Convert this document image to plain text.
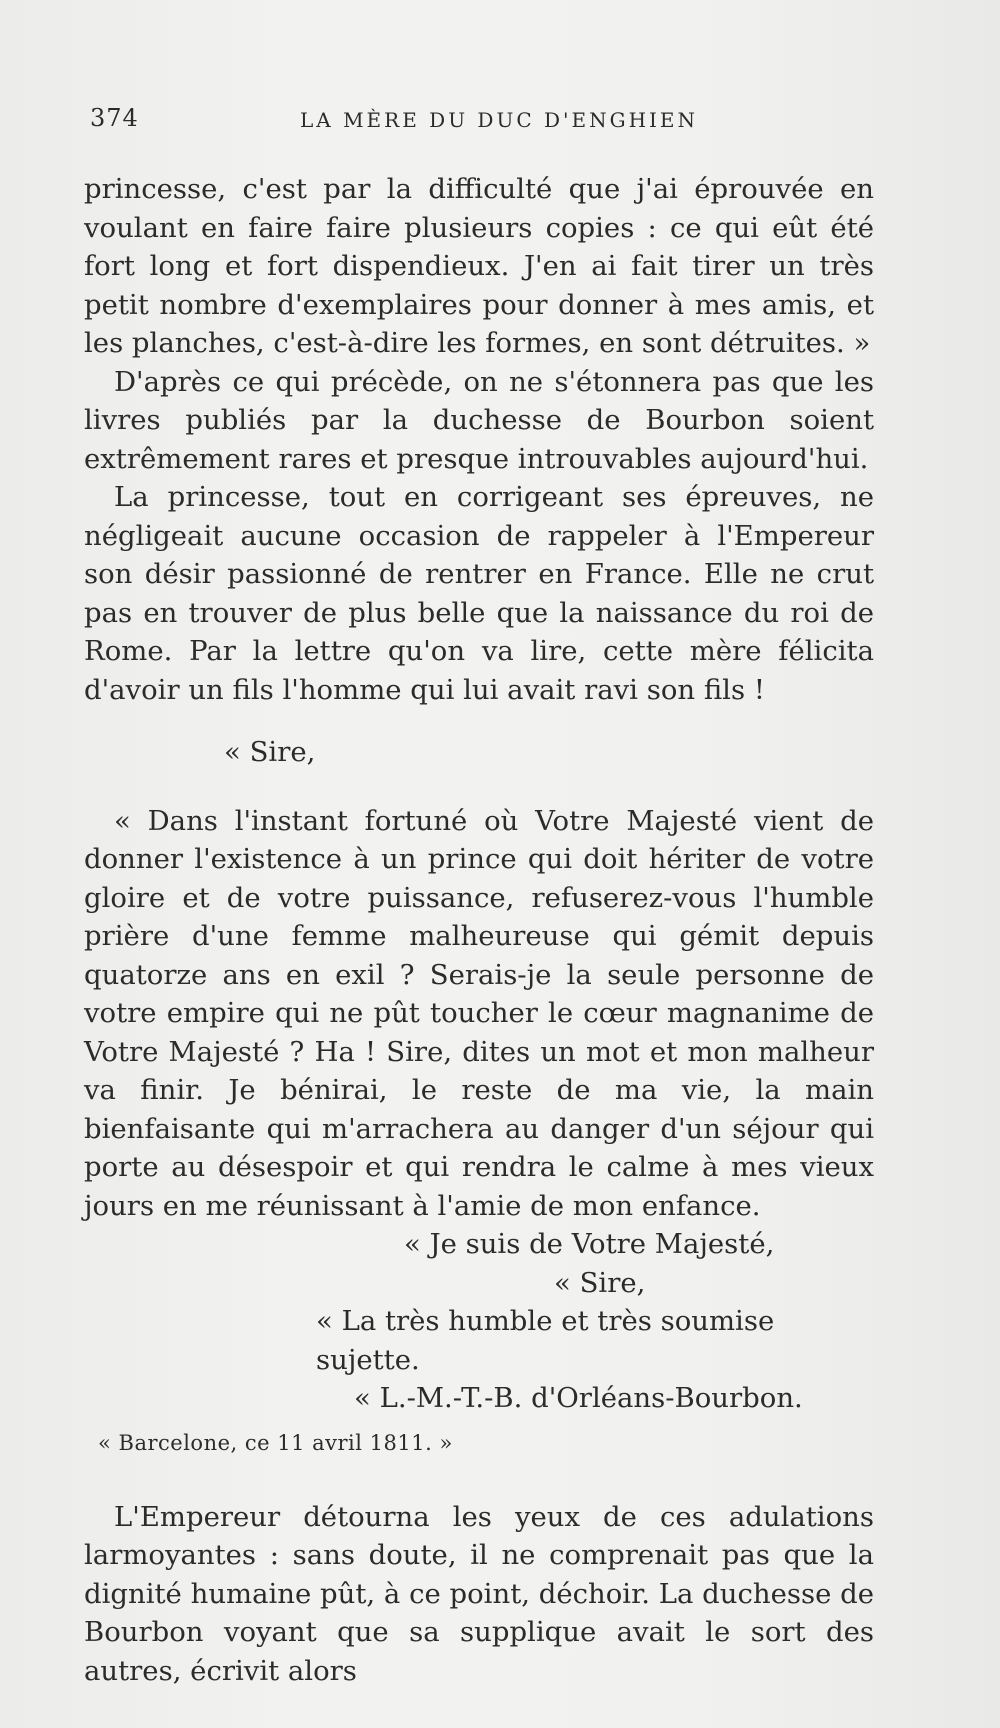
374	LA MÈRE DU DUC D'ENGHIEN

princesse, c'est par la difficulté que j'ai éprouvée en voulant en faire faire plusieurs copies : ce qui eût été fort long et fort dispendieux. J'en ai fait tirer un très petit nombre d'exemplaires pour donner à mes amis, et les planches, c'est-à-dire les formes, en sont détruites. »

D'après ce qui précède, on ne s'étonnera pas que les livres publiés par la duchesse de Bourbon soient extrêmement rares et presque introuvables aujourd'hui.

La princesse, tout en corrigeant ses épreuves, ne négligeait aucune occasion de rappeler à l'Empereur son désir passionné de rentrer en France. Elle ne crut pas en trouver de plus belle que la naissance du roi de Rome. Par la lettre qu'on va lire, cette mère félicita d'avoir un fils l'homme qui lui avait ravi son fils !

« Sire,

« Dans l'instant fortuné où Votre Majesté vient de donner l'existence à un prince qui doit hériter de votre gloire et de votre puissance, refuserez-vous l'humble prière d'une femme malheureuse qui gémit depuis quatorze ans en exil ? Serais-je la seule personne de votre empire qui ne pût toucher le cœur magnanime de Votre Majesté ? Ha ! Sire, dites un mot et mon malheur va finir. Je bénirai, le reste de ma vie, la main bienfaisante qui m'arrachera au danger d'un séjour qui porte au désespoir et qui rendra le calme à mes vieux jours en me réunissant à l'amie de mon enfance.

« Je suis de Votre Majesté,

« Sire,

« La très humble et très soumise sujette.

« L.-M.-T.-B. d'Orléans-Bourbon.

« Barcelone, ce 11 avril 1811. »

L'Empereur détourna les yeux de ces adulations larmoyantes : sans doute, il ne comprenait pas que la dignité humaine pût, à ce point, déchoir. La duchesse de Bourbon voyant que sa supplique avait le sort des autres, écrivit alors
